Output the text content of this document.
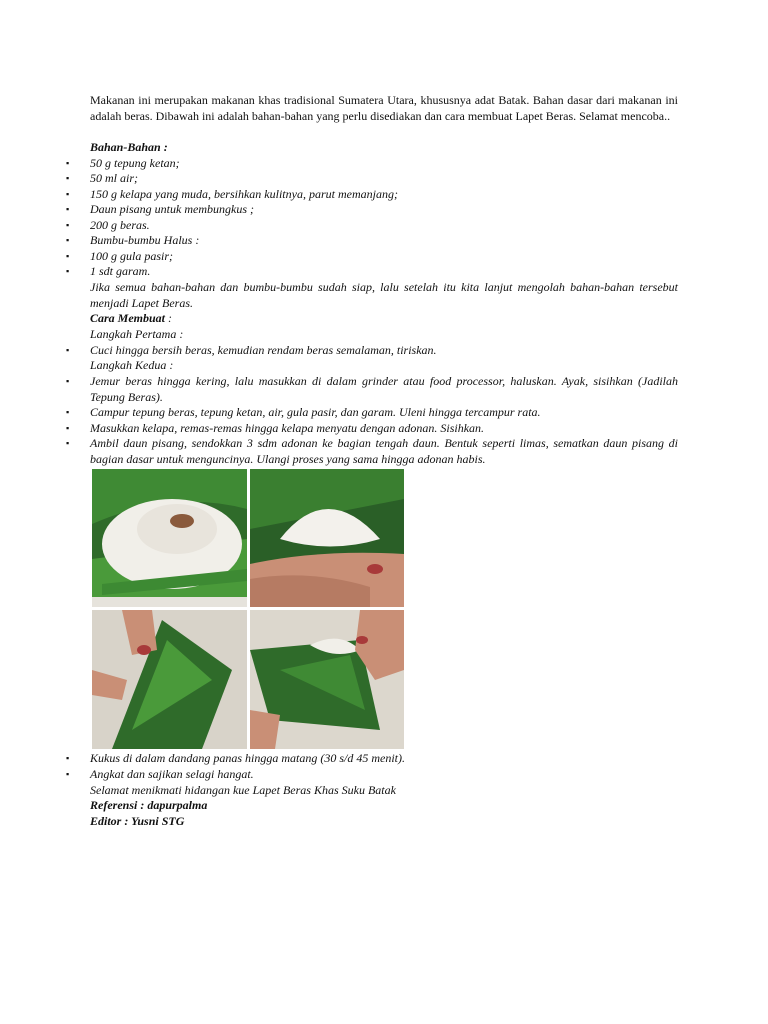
Makanan ini merupakan makanan khas tradisional Sumatera Utara, khususnya adat Batak. Bahan dasar dari makanan ini adalah beras. Dibawah ini adalah bahan-bahan yang perlu disediakan dan cara membuat Lapet Beras. Selamat mencoba..

Bahan-Bahan :
▪ 50 g tepung ketan;
▪ 50 ml air;
▪ 150 g kelapa yang muda, bersihkan kulitnya, parut memanjang;
▪ Daun pisang untuk membungkus ;
▪ 200 g beras.
▪ Bumbu-bumbu Halus :
▪ 100 g gula pasir;
▪ 1 sdt garam.

Jika semua bahan-bahan dan bumbu-bumbu sudah siap, lalu setelah itu kita lanjut mengolah bahan-bahan tersebut menjadi Lapet Beras.

Cara Membuat :
Langkah Pertama :
▪ Cuci hingga bersih beras, kemudian rendam beras semalaman, tiriskan.
Langkah Kedua :
▪ Jemur beras hingga kering, lalu masukkan di dalam grinder atau food processor, haluskan. Ayak, sisihkan (Jadilah Tepung Beras).

▪ Campur tepung beras, tepung ketan, air, gula pasir, dan garam. Uleni hingga tercampur rata.
▪ Masukkan kelapa, remas-remas hingga kelapa menyatu dengan adonan. Sisihkan.
▪ Ambil daun pisang, sendokkan 3 sdm adonan ke bagian tengah daun. Bentuk seperti limas, sematkan daun pisang di bagian dasar untuk menguncinya. Ulangi proses yang sama hingga adonan habis.

▪ Kukus di dalam dandang panas hingga matang (30 s/d 45 menit).
▪ Angkat dan sajikan selagi hangat.
Selamat menikmati hidangan kue Lapet Beras Khas Suku Batak
Referensi : dapurpalma
Editor : Yusni STG
